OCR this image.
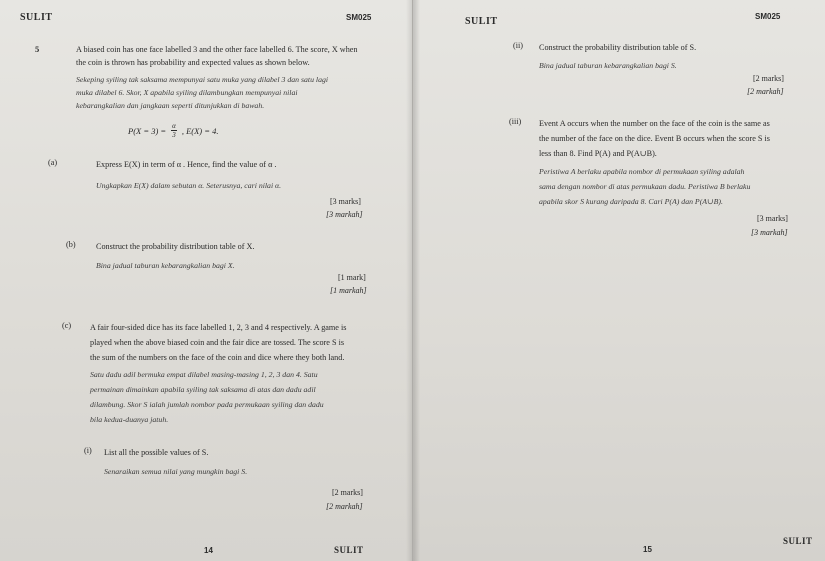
SULIT	SM025
5	A biased coin has one face labelled 3 and the other face labelled 6. The score, X when
the coin is thrown has probability and expected values as shown below.
Sekeping syiling tak saksama mempunyai satu muka yang dilabel 3 dan satu lagi
muka dilabel 6. Skor, X apabila syiling dilambungkan mempunyai nilai
kebarangkalian dan jangkaan seperti ditunjukkan di bawah.
$P(X = 3) = \frac{\alpha}{3}$ , E(X) = 4.
(a)	Express E(X) in term of α . Hence, find the value of α .
Ungkapkan E(X) dalam sebutan α. Seterusnya, cari nilai α.
[3 marks]
[3 markah]
(b) Construct the probability distribution table of X.
Bina jadual taburan kebarangkalian bagi X.
[1 mark]
[1 markah]
(c) A fair four-sided dice has its face labelled 1, 2, 3 and 4 respectively. A game is
played when the above biased coin and the fair dice are tossed. The score S is
the sum of the numbers on the face of the coin and dice where they both land.
Satu dadu adil bermuka empat dilabel masing-masing 1, 2, 3 dan 4. Satu
permainan dimainkan apabila syiling tak saksama di atas dan dadu adil
dilambung. Skor S ialah jumlah nombor pada permukaan syiling dan dadu
bila kedua-duanya jatuh.
(i) List all the possible values of S.
Senaraikan semua nilai yang mungkin bagi S.
[2 marks]
[2 markah]
14	SULIT
SULIT	SM025
(ii) Construct the probability distribution table of S.
Bina jadual taburan kebarangkalian bagi S.
[2 marks]
[2 markah]
(iii) Event A occurs when the number on the face of the coin is the same as
the number of the face on the dice. Event B occurs when the score S is
less than 8. Find P(A) and P(A∪B).
Peristiwa A berlaku apabila nombor di permukaan syiling adalah
sama dengan nombor di atas permukaan dadu. Peristiwa B berlaku
apabila skor S kurang daripada 8. Cari P(A) dan P(A∪B).
[3 marks]
[3 markah]
15
SULIT
